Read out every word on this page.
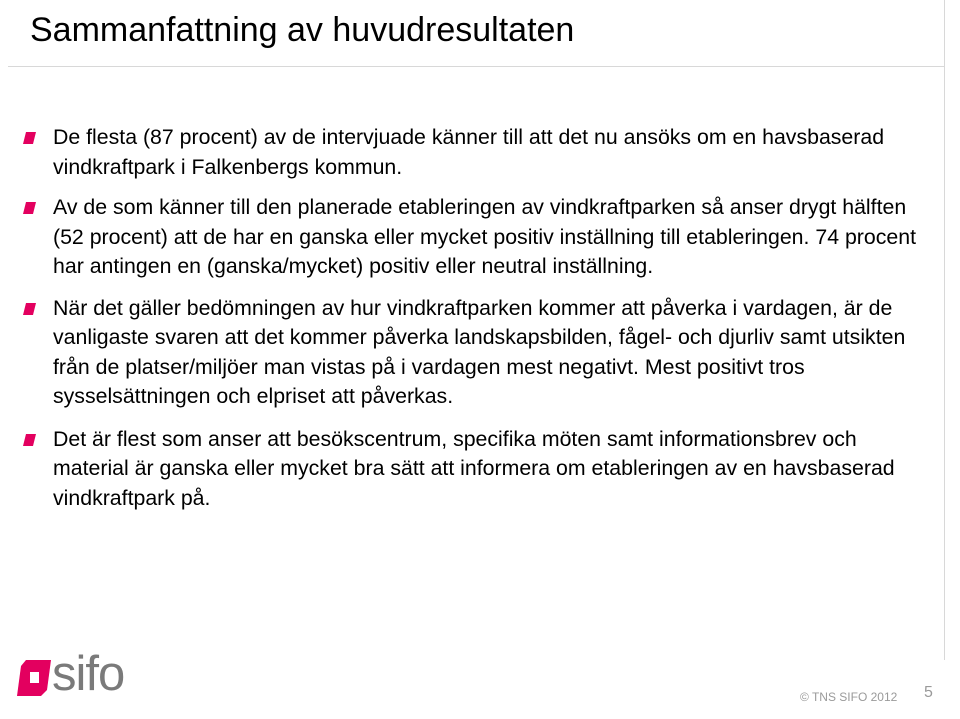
Sammanfattning av huvudresultaten
De flesta (87 procent) av de intervjuade känner till att det nu ansöks om en havsbaserad vindkraftpark i Falkenbergs kommun.
Av de som känner till den planerade etableringen av vindkraftparken så anser drygt hälften (52 procent) att de har en ganska eller mycket positiv inställning till etableringen. 74 procent har antingen en (ganska/mycket) positiv eller neutral inställning.
När det gäller bedömningen av hur vindkraftparken kommer att påverka i vardagen, är de vanligaste svaren att det kommer påverka landskapsbilden, fågel- och djurliv samt utsikten från de platser/miljöer man vistas på i vardagen mest negativt. Mest positivt tros sysselsättningen och elpriset att påverkas.
Det är flest som anser att besökscentrum, specifika möten samt informationsbrev och material är ganska eller mycket bra sätt att informera om etableringen av en havsbaserad vindkraftpark på.
sifo	© TNS SIFO 2012 5
